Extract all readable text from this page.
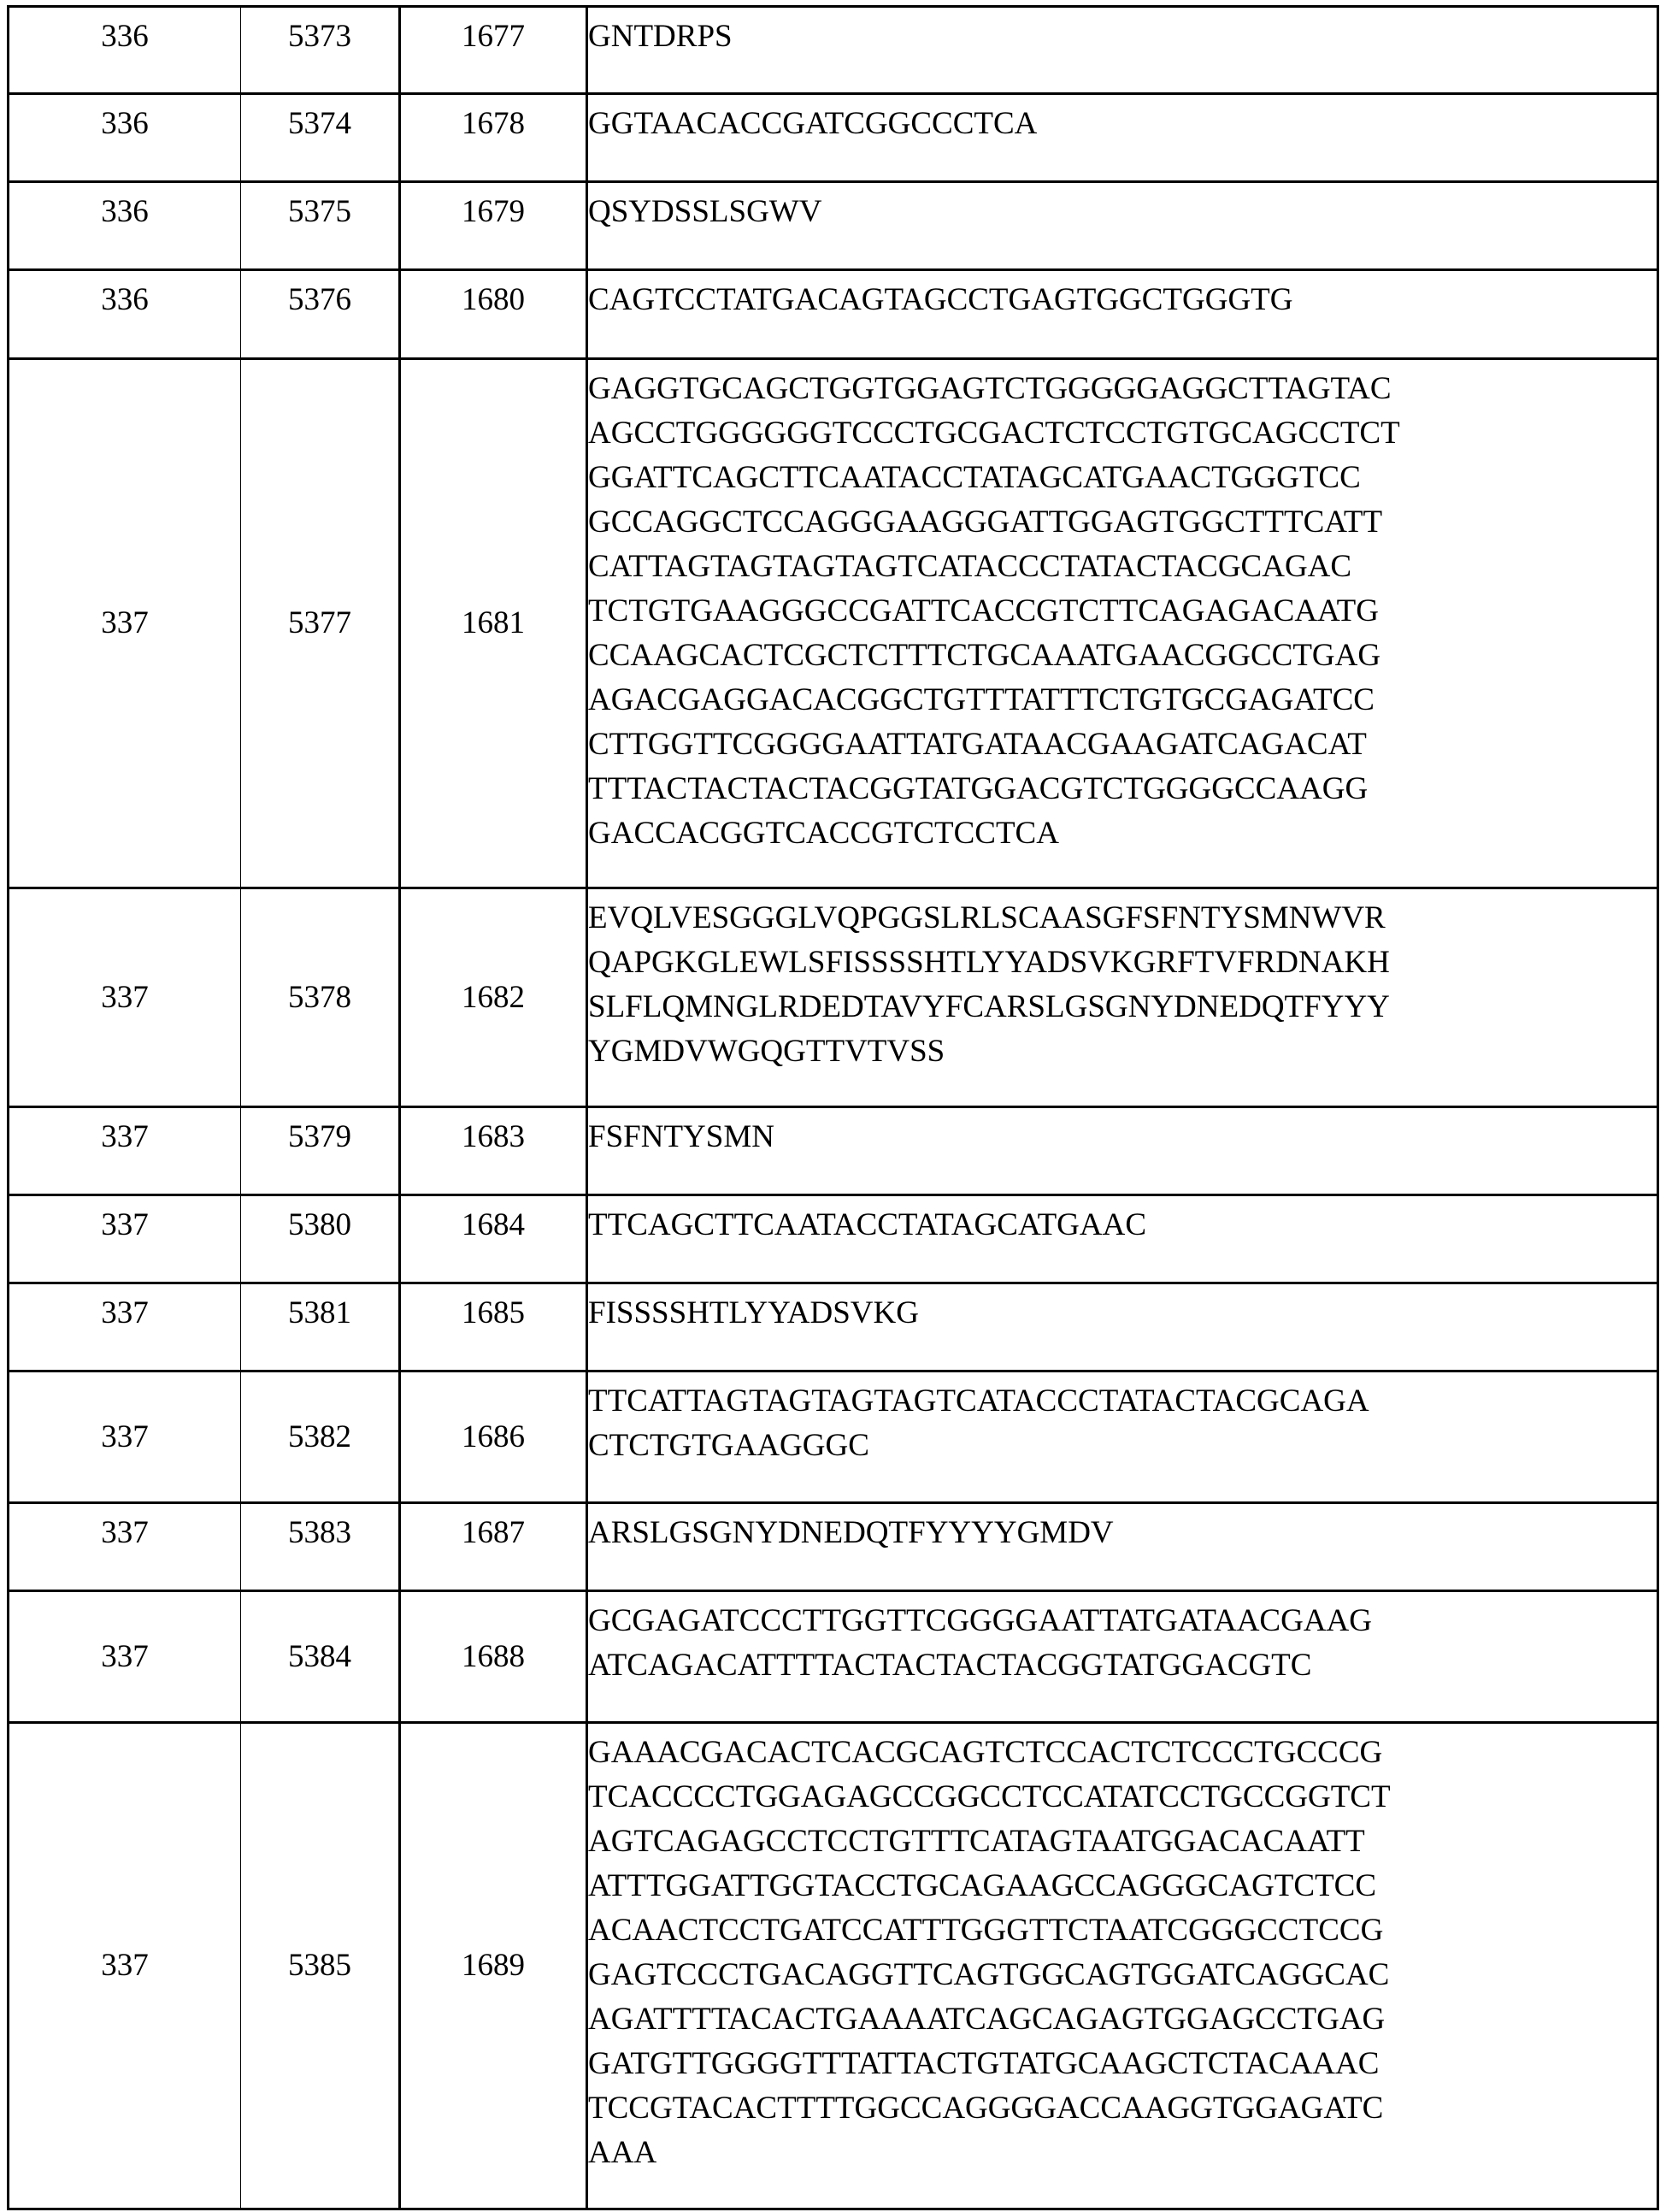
336	5373	1677	GNTDRPS

336	5374	1678	GGTAACACCGATCGGCCCTCA

336	5375	1679	QSYDSSLSGWV

336	5376	1680	CAGTCCTATGACAGTAGCCTGAGTGGCTGGGTG

337	5377	1681	
GAGGTGCAGCTGGTGGAGTCTGGGGGAGGCTTAGTAC
AGCCTGGGGGGTCCCTGCGACTCTCCTGTGCAGCCTCT
GGATTCAGCTTCAATACCTATAGCATGAACTGGGTCC
GCCAGGCTCCAGGGAAGGGATTGGAGTGGCTTTCATT
CATTAGTAGTAGTAGTCATACCCTATACTACGCAGAC
TCTGTGAAGGGCCGATTCACCGTCTTCAGAGACAATG
CCAAGCACTCGCTCTTTCTGCAAATGAACGGCCTGAG
AGACGAGGACACGGCTGTTTATTTCTGTGCGAGATCC
CTTGGTTCGGGGAATTATGATAACGAAGATCAGACAT
TTTACTACTACTACGGTATGGACGTCTGGGGCCAAGG
GACCACGGTCACCGTCTCCTCA

337	5378	1682	EVQLVESGGGLVQPGGSLRLSCAASGFSFNTYSMNWVR
QAPGKGLEWLSFISSSSHTLYYADSVKGRFTVFRDNAKH
SLFLQMNGLRDEDTAVYFCARSLGSGNYDNEDQTFYYY
YGMDVWGQGTTVTVSS

337	5379	1683	FSFNTYSMN

337	5380	1684	TTCAGCTTCAATACCTATAGCATGAAC

337	5381	1685	FISSSSHTLYYADSVKG

337	5382	1686	TTCATTAGTAGTAGTAGTCATACCCTATACTACGCAGA
CTCTGTGAAGGGC

337	5383	1687	ARSLGSGNYDNEDQTFYYYYGMDV

337	5384	1688	GCGAGATCCCTTGGTTCGGGGAATTATGATAACGAAG
ATCAGACATTTTACTACTACTACGGTATGGACGTC

337	5385	1689	
GAAACGACACTCACGCAGTCTCCACTCTCCCTGCCCG
TCACCCCTGGAGAGCCGGCCTCCATATCCTGCCGGTCT
AGTCAGAGCCTCCTGTTTCATAGTAATGGACACAATT
ATTTGGATTGGTACCTGCAGAAGCCAGGGCAGTCTCC
ACAACTCCTGATCCATTTGGGTTCTAATCGGGCCTCCG
GAGTCCCTGACAGGTTCAGTGGCAGTGGATCAGGCAC
AGATTTTACACTGAAAATCAGCAGAGTGGAGCCTGAG
GATGTTGGGGTTTATTACTGTATGCAAGCTCTACAAAC
TCCGTACACTTTTGGCCAGGGGACCAAGGTGGAGATC
AAA
